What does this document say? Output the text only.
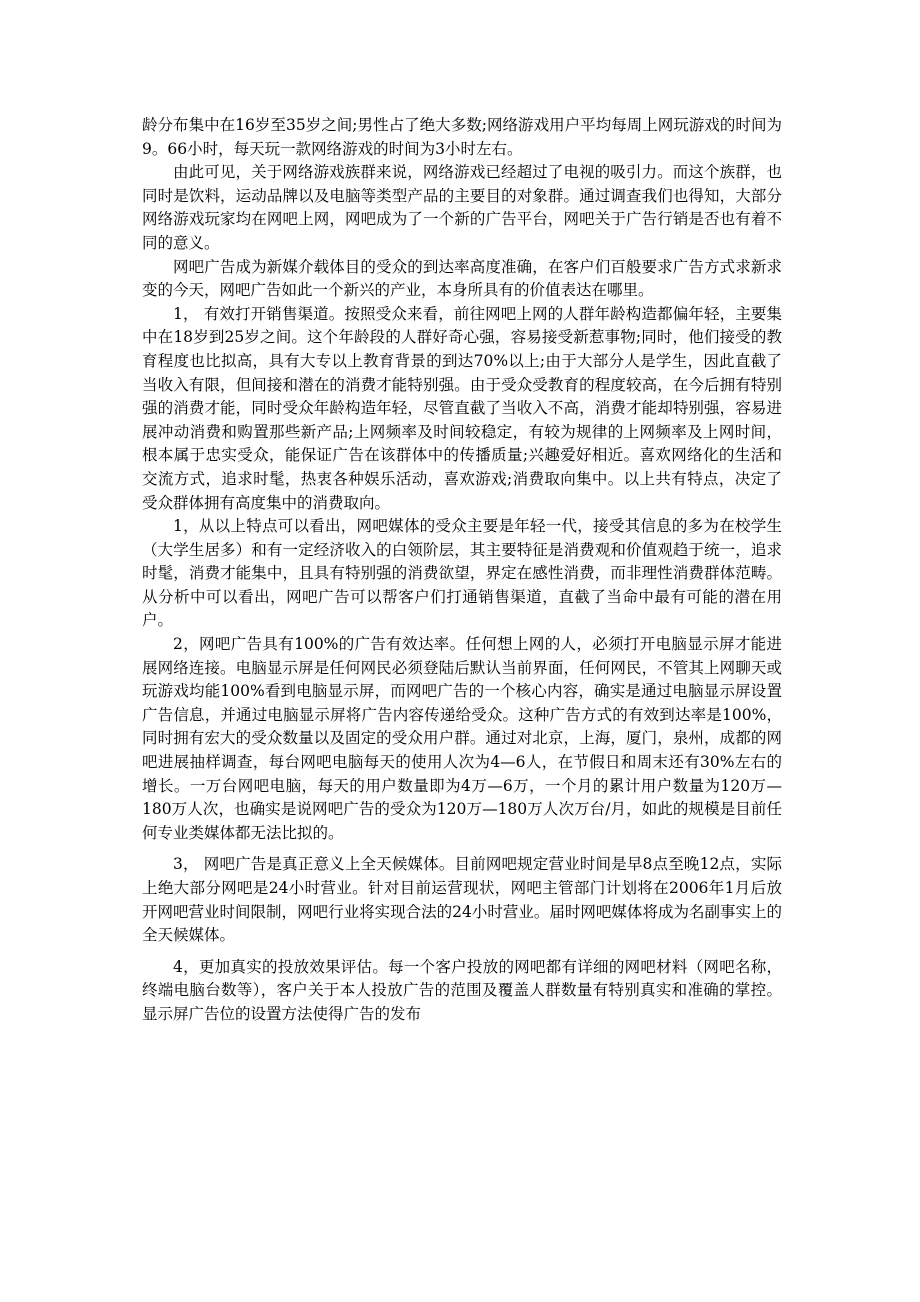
龄分布集中在16岁至35岁之间;男性占了绝大多数;网络游戏用户平均每周上网玩游戏的时间为9。66小时，每天玩一款网络游戏的时间为3小时左右。

由此可见，关于网络游戏族群来说，网络游戏已经超过了电视的吸引力。而这个族群，也同时是饮料，运动品牌以及电脑等类型产品的主要目的对象群。通过调查我们也得知，大部分网络游戏玩家均在网吧上网，网吧成为了一个新的广告平台，网吧关于广告行销是否也有着不同的意义。

网吧广告成为新媒介载体目的受众的到达率高度准确，在客户们百般要求广告方式求新求变的今天，网吧广告如此一个新兴的产业，本身所具有的价值表达在哪里。

1， 有效打开销售渠道。按照受众来看，前往网吧上网的人群年龄构造都偏年轻，主要集中在18岁到25岁之间。这个年龄段的人群好奇心强，容易接受新惹事物;同时，他们接受的教育程度也比拟高，具有大专以上教育背景的到达70%以上;由于大部分人是学生，因此直截了当收入有限，但间接和潜在的消费才能特别强。由于受众受教育的程度较高，在今后拥有特别强的消费才能，同时受众年龄构造年轻，尽管直截了当收入不高，消费才能却特别强，容易进展冲动消费和购置那些新产品;上网频率及时间较稳定，有较为规律的上网频率及上网时间，根本属于忠实受众，能保证广告在该群体中的传播质量;兴趣爱好相近。喜欢网络化的生活和交流方式，追求时髦，热衷各种娱乐活动，喜欢游戏;消费取向集中。以上共有特点，决定了受众群体拥有高度集中的消费取向。

1，从以上特点可以看出，网吧媒体的受众主要是年轻一代，接受其信息的多为在校学生（大学生居多）和有一定经济收入的白领阶层，其主要特征是消费观和价值观趋于统一，追求时髦，消费才能集中，且具有特别强的消费欲望，界定在感性消费，而非理性消费群体范畴。从分析中可以看出，网吧广告可以帮客户们打通销售渠道，直截了当命中最有可能的潜在用户。

2，网吧广告具有100%的广告有效达率。任何想上网的人，必须打开电脑显示屏才能进展网络连接。电脑显示屏是任何网民必须登陆后默认当前界面，任何网民，不管其上网聊天或玩游戏均能100%看到电脑显示屏，而网吧广告的一个核心内容，确实是通过电脑显示屏设置广告信息，并通过电脑显示屏将广告内容传递给受众。这种广告方式的有效到达率是100%，同时拥有宏大的受众数量以及固定的受众用户群。通过对北京，上海，厦门，泉州，成都的网吧进展抽样调查，每台网吧电脑每天的使用人次为4—6人，在节假日和周末还有30%左右的增长。一万台网吧电脑，每天的用户数量即为4万—6万，一个月的累计用户数量为120万—180万人次，也确实是说网吧广告的受众为120万—180万人次万台/月，如此的规模是目前任何专业类媒体都无法比拟的。

3， 网吧广告是真正意义上全天候媒体。目前网吧规定营业时间是早8点至晚12点，实际上绝大部分网吧是24小时营业。针对目前运营现状，网吧主管部门计划将在2006年1月后放开网吧营业时间限制，网吧行业将实现合法的24小时营业。届时网吧媒体将成为名副事实上的全天候媒体。

4，更加真实的投放效果评估。每一个客户投放的网吧都有详细的网吧材料（网吧名称，终端电脑台数等），客户关于本人投放广告的范围及覆盖人群数量有特别真实和准确的掌控。显示屏广告位的设置方法使得广告的发布
